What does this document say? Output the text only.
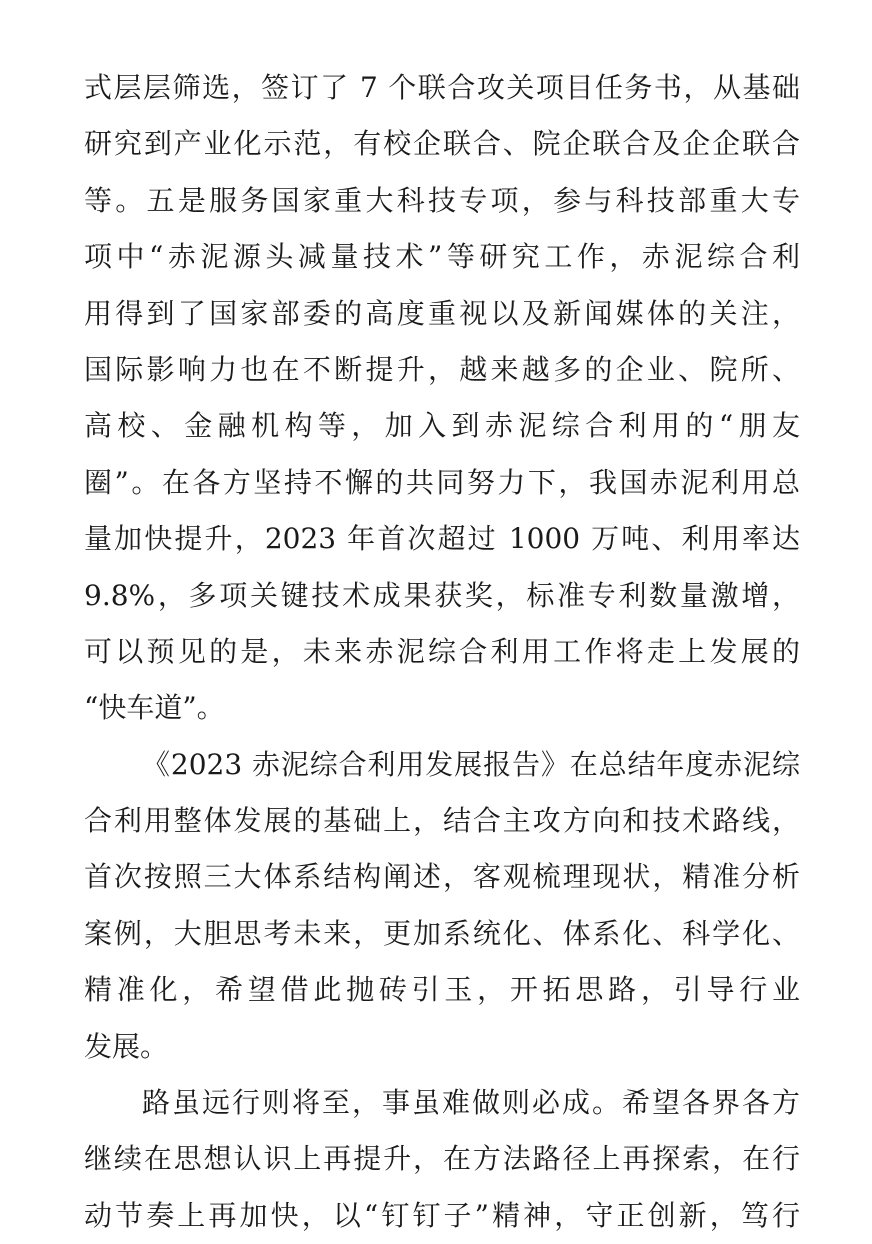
式层层筛选，签订了 7 个联合攻关项目任务书，从基础
研究到产业化示范，有校企联合、院企联合及企企联合
等。五是服务国家重大科技专项，参与科技部重大专
项中“赤泥源头减量技术”等研究工作，赤泥综合利
用得到了国家部委的高度重视以及新闻媒体的关注，
国际影响力也在不断提升，越来越多的企业、院所、
高校、金融机构等，加入到赤泥综合利用的“朋友
圈”。在各方坚持不懈的共同努力下，我国赤泥利用总
量加快提升，2023 年首次超过 1000 万吨、利用率达
9.8%，多项关键技术成果获奖，标准专利数量激增，
可以预见的是，未来赤泥综合利用工作将走上发展的
“快车道”。
《2023 赤泥综合利用发展报告》在总结年度赤泥综
合利用整体发展的基础上，结合主攻方向和技术路线，
首次按照三大体系结构阐述，客观梳理现状，精准分析
案例，大胆思考未来，更加系统化、体系化、科学化、
精准化，希望借此抛砖引玉，开拓思路，引导行业
发展。
路虽远行则将至，事虽难做则必成。希望各界各方
继续在思想认识上再提升，在方法路径上再探索，在行
动节奏上再加快，以“钉钉子”精神，守正创新，笃行
